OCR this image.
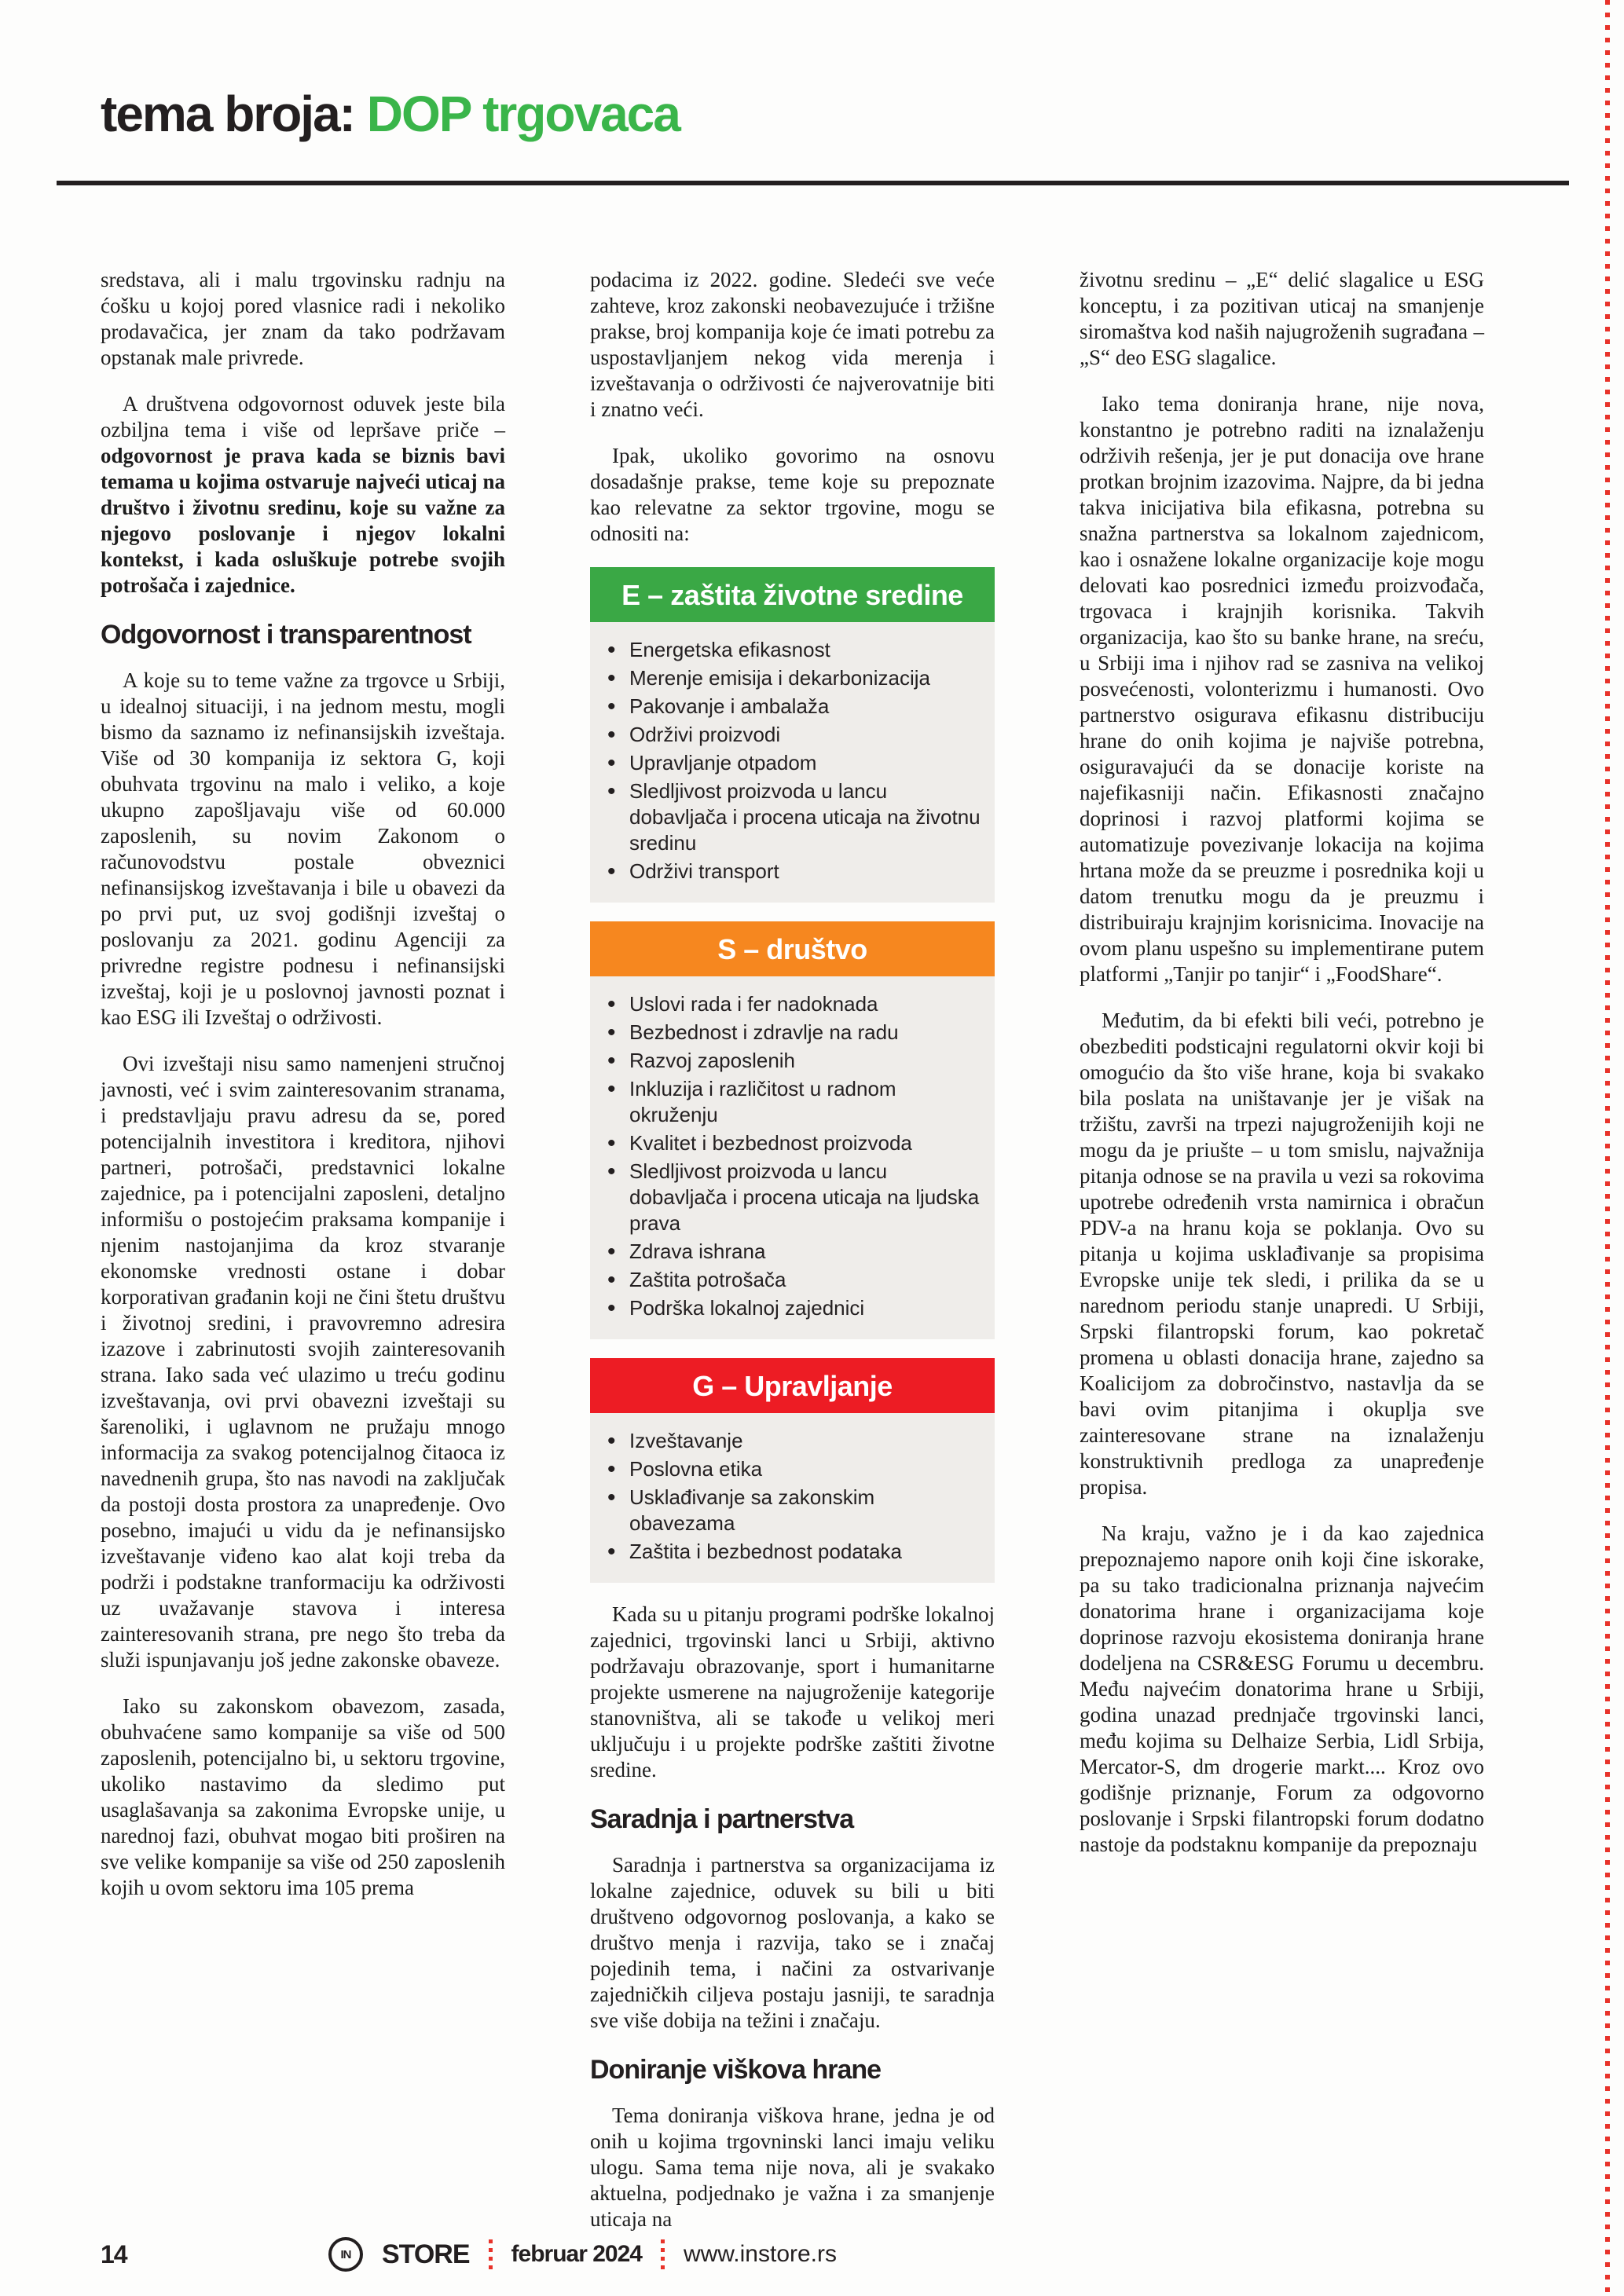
tema broja: DOP trgovaca

sredstava, ali i malu trgovinsku radnju na ćošku u kojoj pored vlasnice radi i nekoliko prodavačica, jer znam da tako podržavam opstanak male privrede.

A društvena odgovornost oduvek jeste bila ozbiljna tema i više od lepršave priče – odgovornost je prava kada se biznis bavi temama u kojima ostvaruje najveći uticaj na društvo i životnu sredinu, koje su važne za njegovo poslovanje i njegov lokalni kontekst, i kada osluškuje potrebe svojih potrošača i zajednice.

Odgovornost i transparentnost

A koje su to teme važne za trgovce u Srbiji, u idealnoj situaciji, i na jednom mestu, mogli bismo da saznamo iz nefinansijskih izveštaja. Više od 30 kompanija iz sektora G, koji obuhvata trgovinu na malo i veliko, a koje ukupno zapošljavaju više od 60.000 zaposlenih, su novim Zakonom o računovodstvu postale obveznici nefinansijskog izveštavanja i bile u obavezi da po prvi put, uz svoj godišnji izveštaj o poslovanju za 2021. godinu Agenciji za privredne registre podnesu i nefinansijski izveštaj, koji je u poslovnoj javnosti poznat i kao ESG ili Izveštaj o održivosti.

Ovi izveštaji nisu samo namenjeni stručnoj javnosti, već i svim zainteresovanim stranama, i predstavljaju pravu adresu da se, pored potencijalnih investitora i kreditora, njihovi partneri, potrošači, predstavnici lokalne zajednice, pa i potencijalni zaposleni, detaljno informišu o postojećim praksama kompanije i njenim nastojanjima da kroz stvaranje ekonomske vrednosti ostane i dobar korporativan građanin koji ne čini štetu društvu i životnoj sredini, i pravovremno adresira izazove i zabrinutosti svojih zainteresovanih strana. Iako sada već ulazimo u treću godinu izveštavanja, ovi prvi obavezni izveštaji su šarenoliki, i uglavnom ne pružaju mnogo informacija za svakog potencijalnog čitaoca iz navednenih grupa, što nas navodi na zaključak da postoji dosta prostora za unapređenje. Ovo posebno, imajući u vidu da je nefinansijsko izveštavanje viđeno kao alat koji treba da podrži i podstakne tranformaciju ka održivosti uz uvažavanje stavova i interesa zainteresovanih strana, pre nego što treba da služi ispunjavanju još jedne zakonske obaveze.

Iako su zakonskom obavezom, zasada, obuhvaćene samo kompanije sa više od 500 zaposlenih, potencijalno bi, u sektoru trgovine, ukoliko nastavimo da sledimo put usaglašavanja sa zakonima Evropske unije, u narednoj fazi, obuhvat mogao biti proširen na sve velike kompanije sa više od 250 zaposlenih kojih u ovom sektoru ima 105 prema

podacima iz 2022. godine. Sledeći sve veće zahteve, kroz zakonski neobavezujuće i tržišne prakse, broj kompanija koje će imati potrebu za uspostavljanjem nekog vida merenja i izveštavanja o održivosti će najverovatnije biti i znatno veći.

Ipak, ukoliko govorimo na osnovu dosadašnje prakse, teme koje su prepoznate kao relevatne za sektor trgovine, mogu se odnositi na:

E – zaštita životne sredine
• Energetska efikasnost
• Merenje emisija i dekarbonizacija
• Pakovanje i ambalaža
• Održivi proizvodi
• Upravljanje otpadom
• Sledljivost proizvoda u lancu dobavljača i procena uticaja na životnu sredinu
• Održivi transport
S – društvo
• Uslovi rada i fer nadoknada
• Bezbednost i zdravlje na radu
• Razvoj zaposlenih
• Inkluzija i različitost u radnom okruženju
• Kvalitet i bezbednost proizvoda
• Sledljivost proizvoda u lancu dobavljača i procena uticaja na ljudska prava
• Zdrava ishrana
• Zaštita potrošača
• Podrška lokalnoj zajednici
G – Upravljanje
• Izveštavanje
• Poslovna etika
• Usklađivanje sa zakonskim obavezama
• Zaštita i bezbednost podataka

Kada su u pitanju programi podrške lokalnoj zajednici, trgovinski lanci u Srbiji, aktivno podržavaju obrazovanje, sport i humanitarne projekte usmerene na najugroženije kategorije stanovništva, ali se takođe u velikoj meri uključuju i u projekte podrške zaštiti životne sredine.

Saradnja i partnerstva

Saradnja i partnerstva sa organizacijama iz lokalne zajednice, oduvek su bili u biti društveno odgovornog poslovanja, a kako se društvo menja i razvija, tako se i značaj pojedinih tema, i načini za ostvarivanje zajedničkih ciljeva postaju jasniji, te saradnja sve više dobija na težini i značaju.

Doniranje viškova hrane

Tema doniranja viškova hrane, jedna je od onih u kojima trgovninski lanci imaju veliku ulogu. Sama tema nije nova, ali je svakako aktuelna, podjednako je važna i za smanjenje uticaja na

životnu sredinu – „E“ delić slagalice u ESG konceptu, i za pozitivan uticaj na smanjenje siromaštva kod naših najugroženih sugrađana – „S“ deo ESG slagalice.

Iako tema doniranja hrane, nije nova, konstantno je potrebno raditi na iznalaženju održivih rešenja, jer je put donacija ove hrane protkan brojnim izazovima. Najpre, da bi jedna takva inicijativa bila efikasna, potrebna su snažna partnerstva sa lokalnom zajednicom, kao i osnažene lokalne organizacije koje mogu delovati kao posrednici između proizvođača, trgovaca i krajnjih korisnika. Takvih organizacija, kao što su banke hrane, na sreću, u Srbiji ima i njihov rad se zasniva na velikoj posvećenosti, volonterizmu i humanosti. Ovo partnerstvo osigurava efikasnu distribuciju hrane do onih kojima je najviše potrebna, osiguravajući da se donacije koriste na najefikasniji način. Efikasnosti značajno doprinosi i razvoj platformi kojima se automatizuje povezivanje lokacija na kojima hrtana može da se preuzme i posrednika koji u datom trenutku mogu da je preuzmu i distribuiraju krajnjim korisnicima. Inovacije na ovom planu uspešno su implementirane putem platformi „Tanjir po tanjir“ i „FoodShare“.

Međutim, da bi efekti bili veći, potrebno je obezbediti podsticajni regulatorni okvir koji bi omogućio da što više hrane, koja bi svakako bila poslata na uništavanje jer je višak na tržištu, završi na trpezi najugroženijih koji ne mogu da je priušte – u tom smislu, najvažnija pitanja odnose se na pravila u vezi sa rokovima upotrebe određenih vrsta namirnica i obračun PDV-a na hranu koja se poklanja. Ovo su pitanja u kojima usklađivanje sa propisima Evropske unije tek sledi, i prilika da se u narednom periodu stanje unapredi. U Srbiji, Srpski filantropski forum, kao pokretač promena u oblasti donacija hrane, zajedno sa Koalicijom za dobročinstvo, nastavlja da se bavi ovim pitanjima i okuplja sve zainteresovane strane na iznalaženju konstruktivnih predloga za unapređenje propisa.

Na kraju, važno je i da kao zajednica prepoznajemo napore onih koji čine iskorake, pa su tako tradicionalna priznanja najvećim donatorima hrane i organizacijama koje doprinose razvoju ekosistema doniranja hrane dodeljena na CSR&ESG Forumu u decembru. Među najvećim donatorima hrane u Srbiji, godina unazad prednjače trgovinski lanci, među kojima su Delhaize Serbia, Lidl Srbija, Mercator-S, dm drogerie markt.... Kroz ovo godišnje priznanje, Forum za odgovorno poslovanje i Srpski filantropski forum dodatno nastoje da podstaknu kompanije da prepoznaju

14	IN	STORE februar 2024 www.instore.rs
